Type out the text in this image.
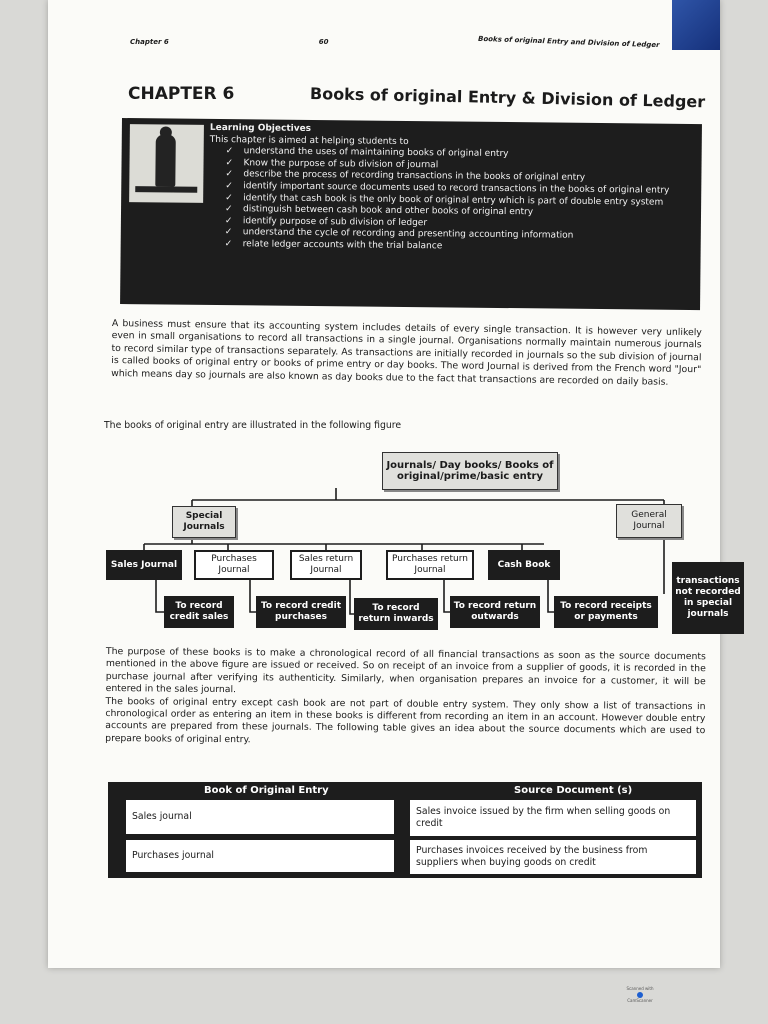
Chapter 6	60	Books of original Entry and Division of Ledger
CHAPTER 6	Books of original Entry & Division of Ledger
Learning Objectives
This chapter is aimed at helping students to
✓ understand the uses of maintaining books of original entry
✓ Know the purpose of sub division of journal
✓ describe the process of recording transactions in the books of original entry
✓ identify important source documents used to record transactions in the books of original entry
✓ identify that cash book is the only book of original entry which is part of double entry system
✓ distinguish between cash book and other books of original entry
✓ identify purpose of sub division of ledger
✓ understand the cycle of recording and presenting accounting information
✓ relate ledger accounts with the trial balance

A business must ensure that its accounting system includes details of every single transaction. It is however very unlikely even in small organisations to record all transactions in a single journal. Organisations normally maintain numerous journals to record similar type of transactions separately. As transactions are initially recorded in journals so the sub division of journal is called books of original entry or books of prime entry or day books. The word Journal is derived from the French word "Jour" which means day so journals are also known as day books due to the fact that transactions are recorded on daily basis.

The books of original entry are illustrated in the following figure
Journals/ Day books/ Books of original/prime/basic entry
Special Journals
General Journal
Sales Journal
Purchases Journal
Sales return Journal
Purchases return Journal
Cash Book
To record credit sales
To record credit purchases
To record return inwards
To record return outwards
To record receipts or payments
transactions not recorded in special journals

The purpose of these books is to make a chronological record of all financial transactions as soon as the source documents mentioned in the above figure are issued or received. So on receipt of an invoice from a supplier of goods, it is recorded in the purchase journal after verifying its authenticity. Similarly, when organisation prepares an invoice for a customer, it will be entered in the sales journal.

The books of original entry except cash book are not part of double entry system. They only show a list of transactions in chronological order as entering an item in these books is different from recording an item in an account. However double entry accounts are prepared from these journals. The following table gives an idea about the source documents which are used to prepare books of original entry.

Book of Original Entry	Source Document (s)
Sales journal	Sales invoice issued by the firm when selling goods on credit
Purchases journal	Purchases invoices received by the business from suppliers when buying goods on credit
Scanned with
CamScanner
